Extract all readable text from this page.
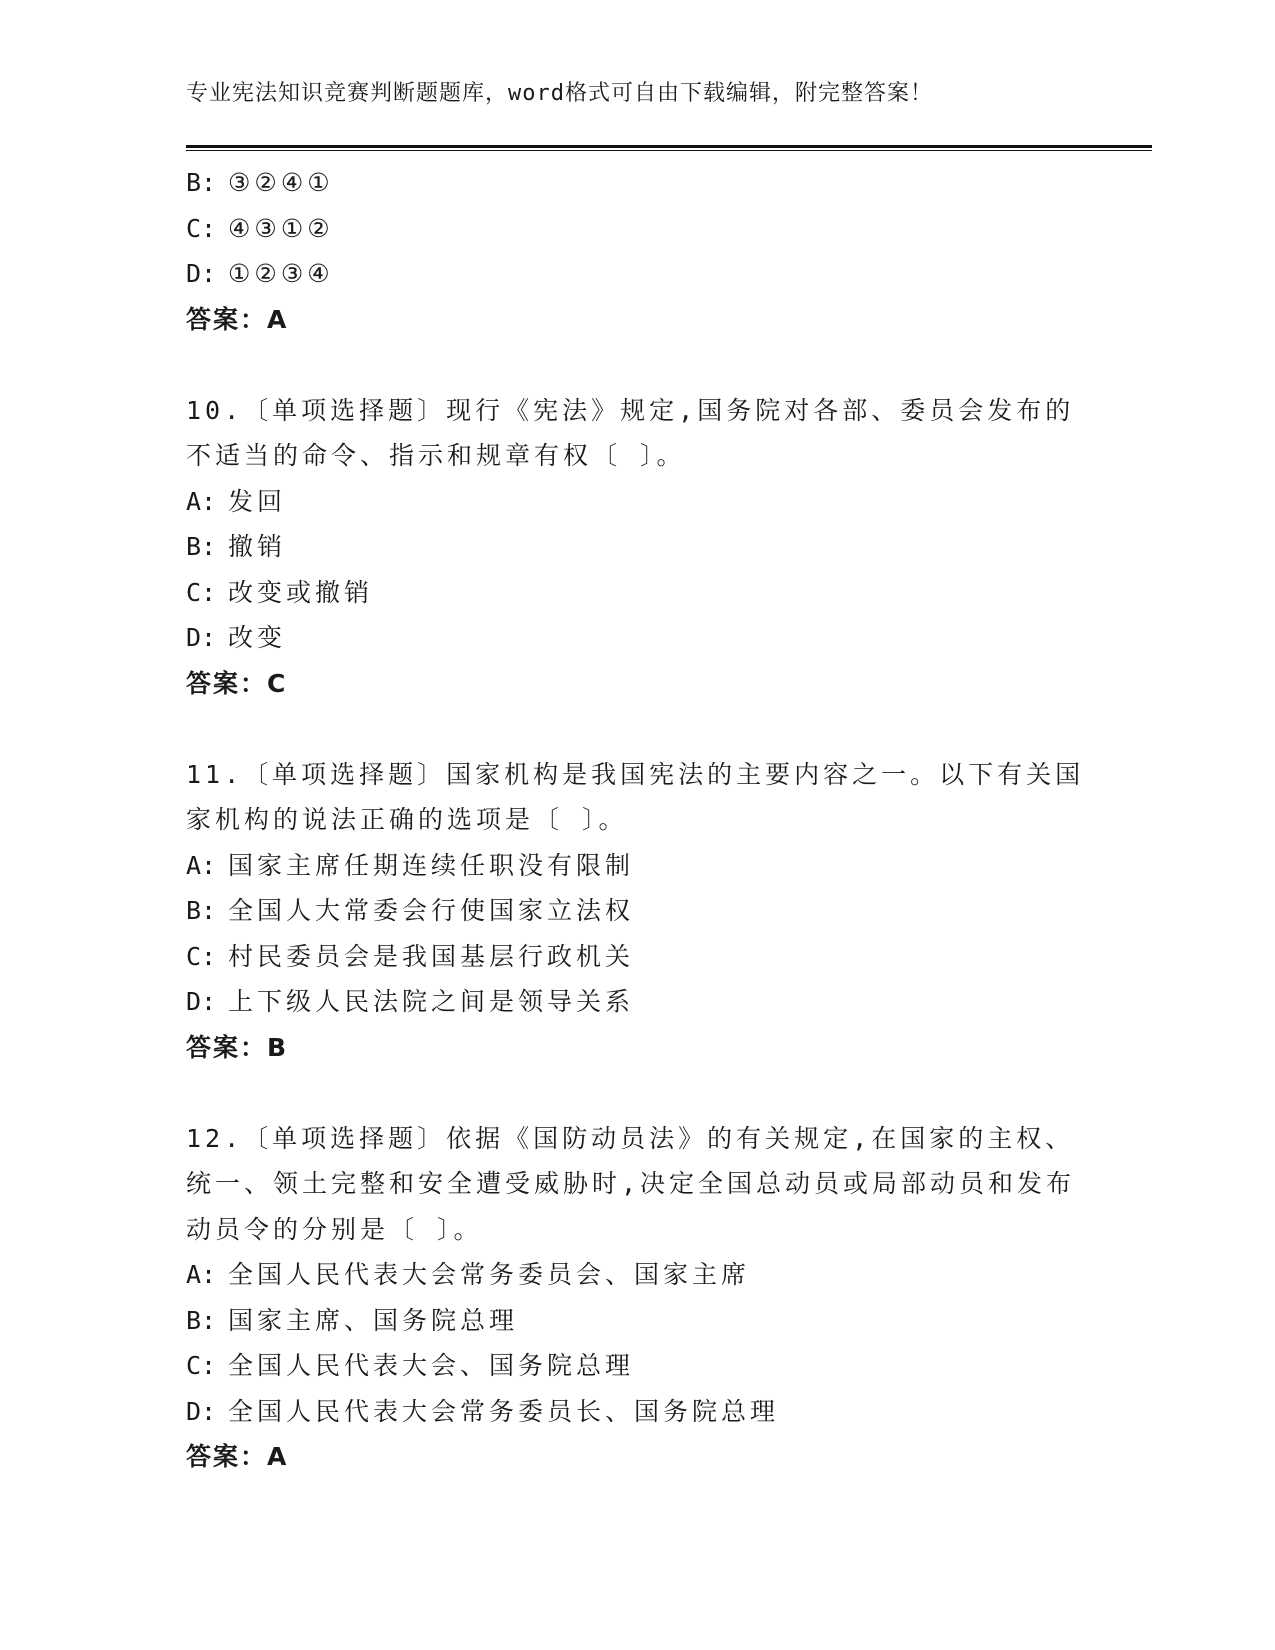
专业宪法知识竞赛判断题题库，word格式可自由下载编辑，附完整答案！
B: ③②④①
C: ④③①②
D: ①②③④
答案：A
10.〔单项选择题〕现行《宪法》规定,国务院对各部、委员会发布的
不适当的命令、指示和规章有权〔 〕。
A: 发回
B: 撤销
C: 改变或撤销
D: 改变
答案：C
11.〔单项选择题〕国家机构是我国宪法的主要内容之一。以下有关国
家机构的说法正确的选项是〔 〕。
A: 国家主席任期连续任职没有限制
B: 全国人大常委会行使国家立法权
C: 村民委员会是我国基层行政机关
D: 上下级人民法院之间是领导关系
答案：B
12.〔单项选择题〕依据《国防动员法》的有关规定,在国家的主权、
统一、领土完整和安全遭受威胁时,决定全国总动员或局部动员和发布
动员令的分别是〔 〕。
A: 全国人民代表大会常务委员会、国家主席
B: 国家主席、国务院总理
C: 全国人民代表大会、国务院总理
D: 全国人民代表大会常务委员长、国务院总理
答案：A
